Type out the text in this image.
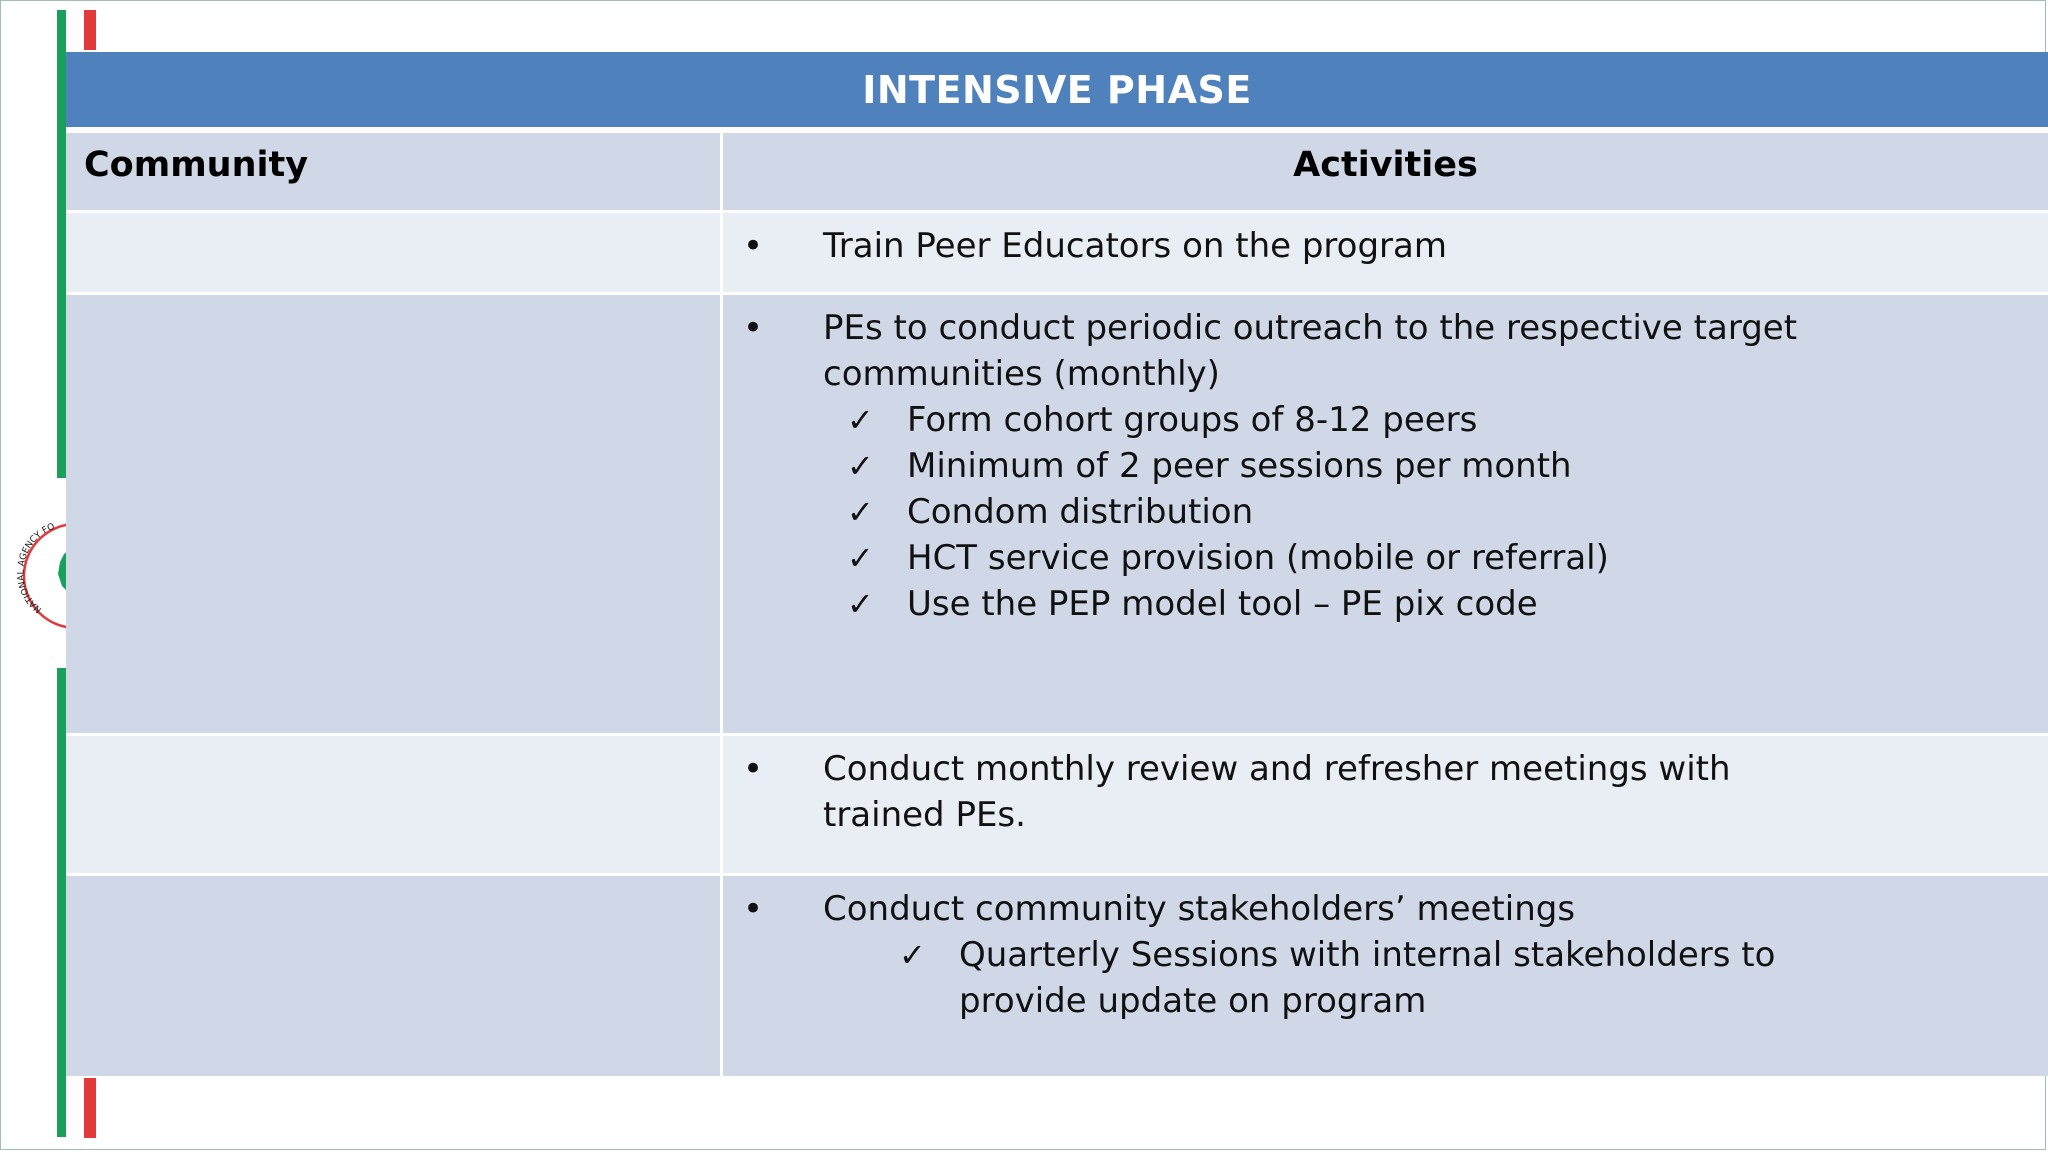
NATIONAL AGENCY FO
INTENSIVE PHASE
Community	Activities
• Train Peer Educators on the program
• PEs to conduct periodic outreach to the respective target
communities (monthly)
✓ Form cohort groups of 8-12 peers
✓ Minimum of 2 peer sessions per month
✓ Condom distribution
✓ HCT service provision (mobile or referral)
✓ Use the PEP model tool – PE pix code
• Conduct monthly review and refresher meetings with
trained PEs.
• Conduct community stakeholders’ meetings
✓ Quarterly Sessions with internal stakeholders to
provide update on program
